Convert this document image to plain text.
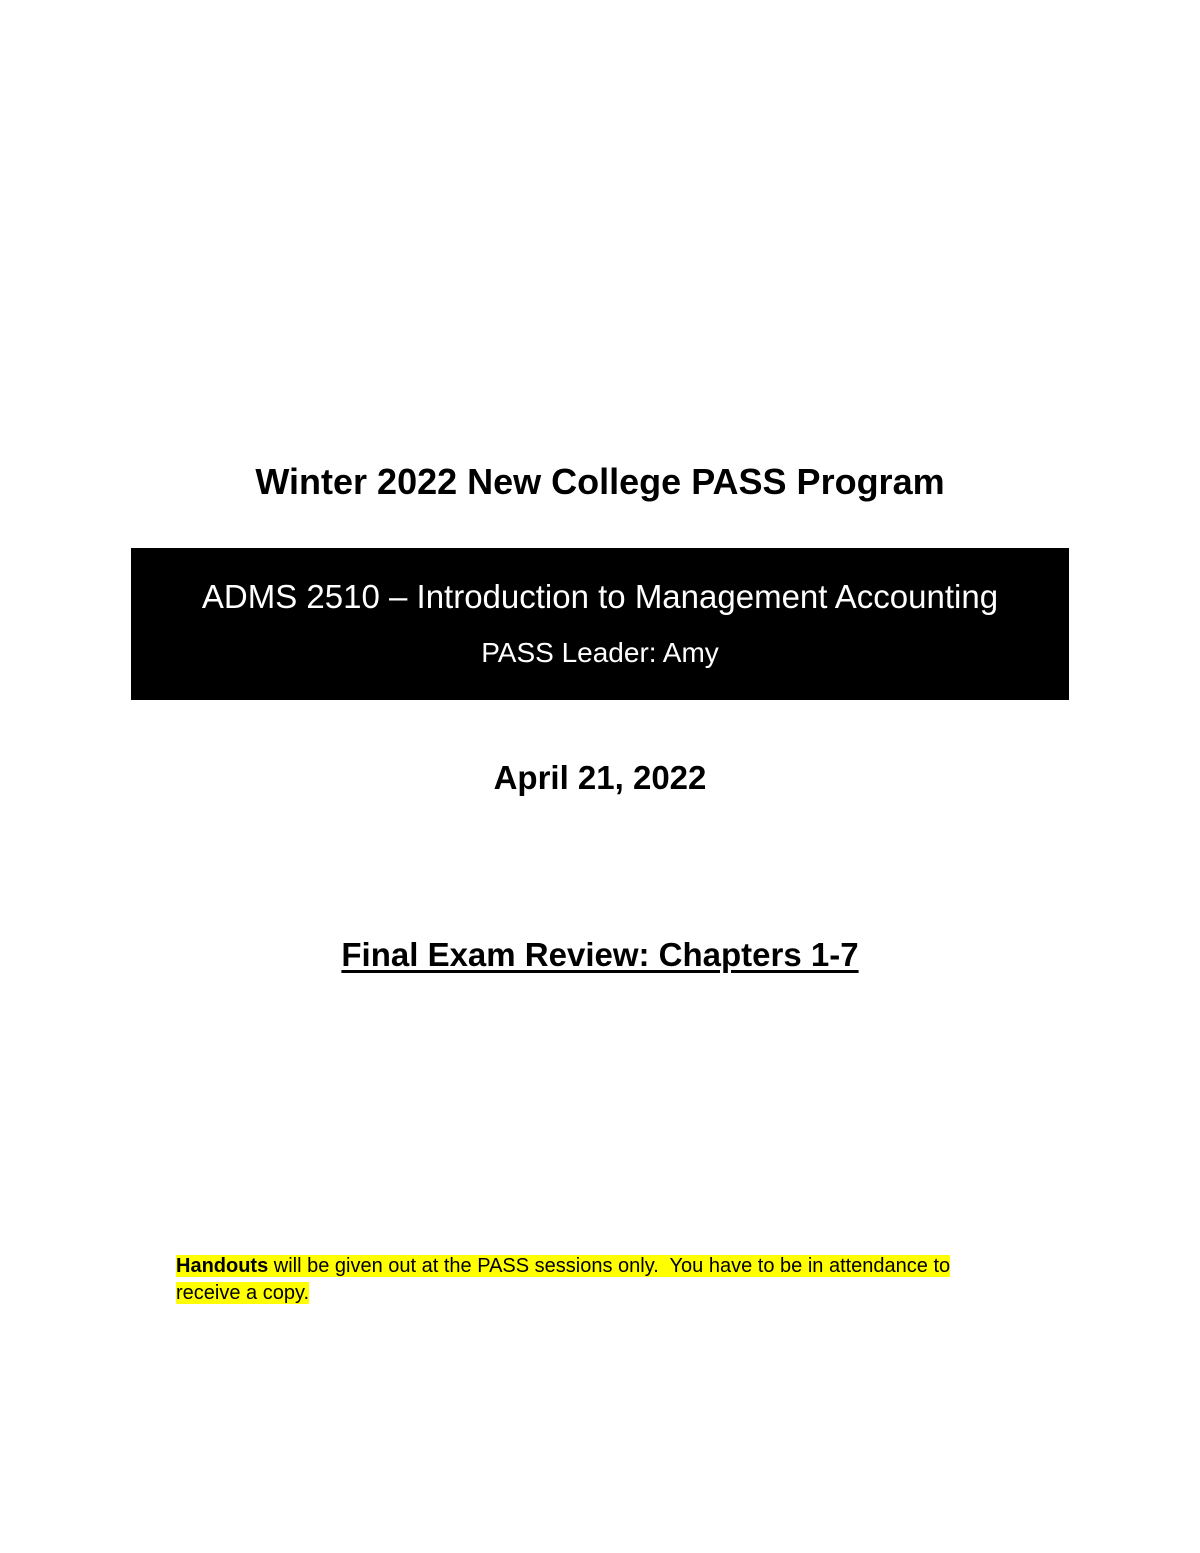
Winter 2022 New College PASS Program

ADMS 2510 – Introduction to Management Accounting

PASS Leader: Amy

April 21, 2022

Final Exam Review: Chapters 1-7

Handouts will be given out at the PASS sessions only.  You have to be in attendance to
receive a copy.
